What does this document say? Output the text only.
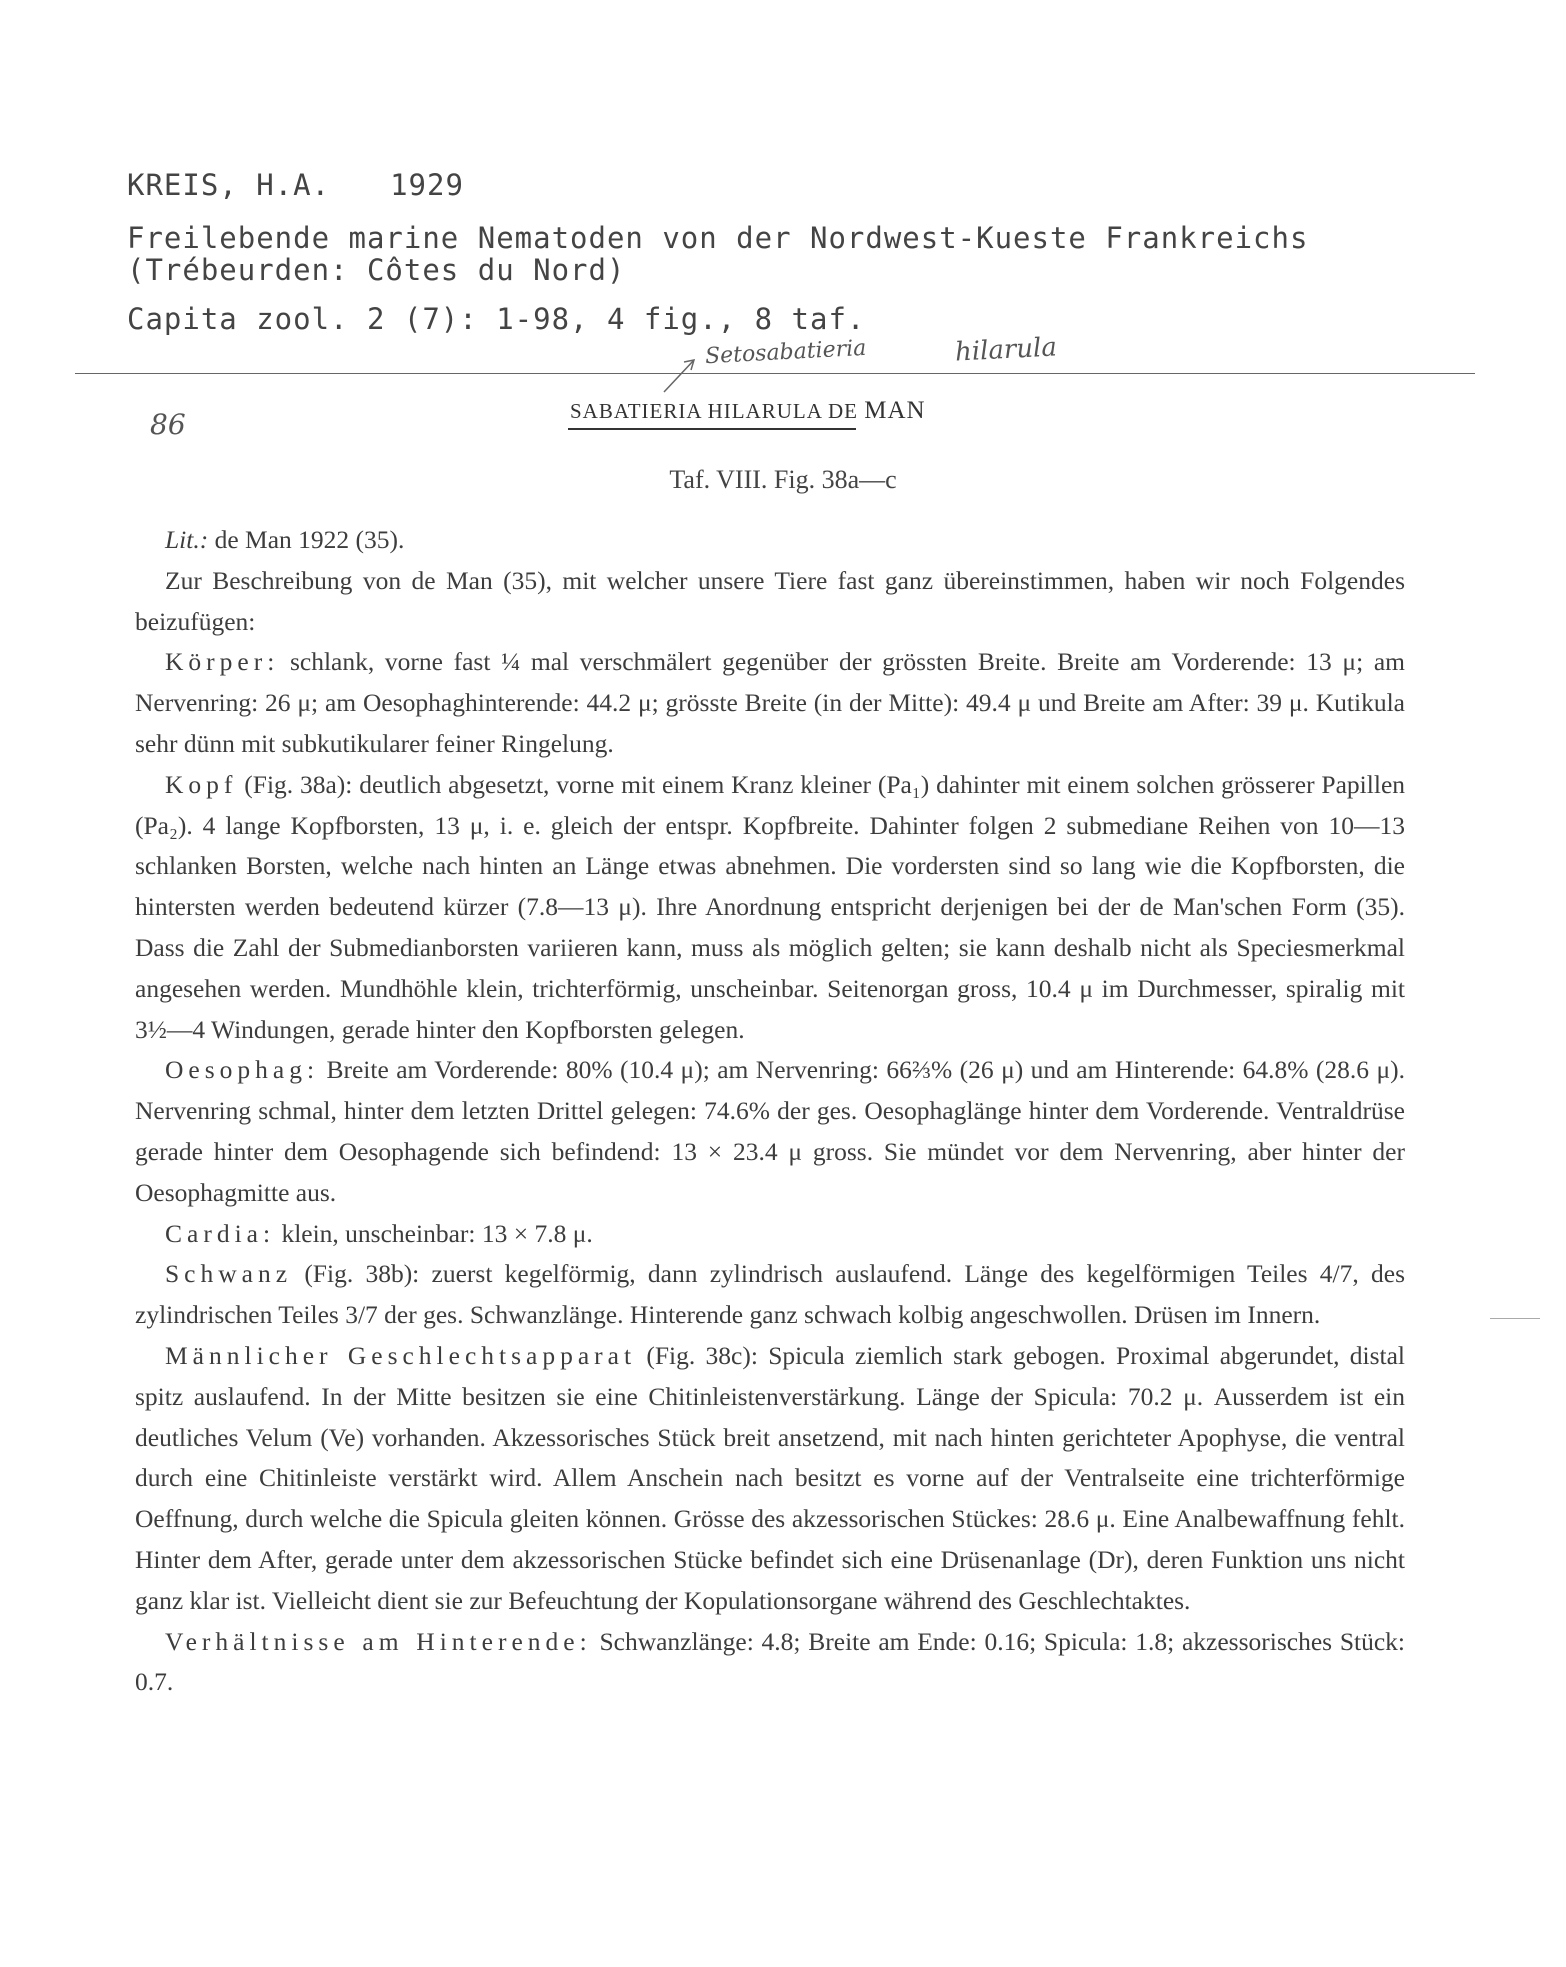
KREIS, H.A. 1929
Freilebende marine Nematoden von der Nordwest-Kueste Frankreichs
(Trébeurden: Côtes du Nord)
Capita zool. 2 (7): 1-98, 4 fig., 8 taf.
Setosabatieria	hilarula
86	SABATIERIA HILARULA DE MAN
Taf. VIII. Fig. 38a—c

Lit.: de Man 1922 (35).

Zur Beschreibung von de Man (35), mit welcher unsere Tiere fast ganz übereinstimmen, haben wir noch Folgendes beizufügen:

Körper: schlank, vorne fast ¼ mal verschmälert gegenüber der grössten Breite. Breite am Vorderende: 13 μ; am Nervenring: 26 μ; am Oesophaghinterende: 44.2 μ; grösste Breite (in der Mitte): 49.4 μ und Breite am After: 39 μ. Kutikula sehr dünn mit subkutikularer feiner Ringelung.

Kopf (Fig. 38a): deutlich abgesetzt, vorne mit einem Kranz kleiner (Pa₁) dahinter mit einem solchen grösserer Papillen (Pa₂). 4 lange Kopfborsten, 13 μ, i. e. gleich der entspr. Kopfbreite. Dahinter folgen 2 submediane Reihen von 10—13 schlanken Borsten, welche nach hinten an Länge etwas abnehmen. Die vordersten sind so lang wie die Kopfborsten, die hintersten werden bedeutend kürzer (7.8—13 μ). Ihre Anordnung entspricht derjenigen bei der de Man'schen Form (35). Dass die Zahl der Submedianborsten variieren kann, muss als möglich gelten; sie kann deshalb nicht als Speciesmerkmal angesehen werden. Mundhöhle klein, trichterförmig, unscheinbar. Seitenorgan gross, 10.4 μ im Durchmesser, spiralig mit 3½—4 Windungen, gerade hinter den Kopfborsten gelegen.

Oesophag: Breite am Vorderende: 80% (10.4 μ); am Nervenring: 66⅔% (26 μ) und am Hinterende: 64.8% (28.6 μ). Nervenring schmal, hinter dem letzten Drittel gelegen: 74.6% der ges. Oesophaglänge hinter dem Vorderende. Ventraldrüse gerade hinter dem Oesophagende sich befindend: 13 × 23.4 μ gross. Sie mündet vor dem Nervenring, aber hinter der Oesophagmitte aus.

Cardia: klein, unscheinbar: 13 × 7.8 μ.

Schwanz (Fig. 38b): zuerst kegelförmig, dann zylindrisch auslaufend. Länge des kegelförmigen Teiles 4/7, des zylindrischen Teiles 3/7 der ges. Schwanzlänge. Hinterende ganz schwach kolbig angeschwollen. Drüsen im Innern.

Männlicher Geschlechtsapparat (Fig. 38c): Spicula ziemlich stark gebogen. Proximal abgerundet, distal spitz auslaufend. In der Mitte besitzen sie eine Chitinleistenverstärkung. Länge der Spicula: 70.2 μ. Ausserdem ist ein deutliches Velum (Ve) vorhanden. Akzessorisches Stück breit ansetzend, mit nach hinten gerichteter Apophyse, die ventral durch eine Chitinleiste verstärkt wird. Allem Anschein nach besitzt es vorne auf der Ventralseite eine trichterförmige Oeffnung, durch welche die Spicula gleiten können. Grösse des akzessorischen Stückes: 28.6 μ. Eine Analbewaffnung fehlt. Hinter dem After, gerade unter dem akzessorischen Stücke befindet sich eine Drüsenanlage (Dr), deren Funktion uns nicht ganz klar ist. Vielleicht dient sie zur Befeuchtung der Kopulationsorgane während des Geschlechtaktes.

Verhältnisse am Hinterende: Schwanzlänge: 4.8; Breite am Ende: 0.16; Spicula: 1.8; akzessorisches Stück: 0.7.
